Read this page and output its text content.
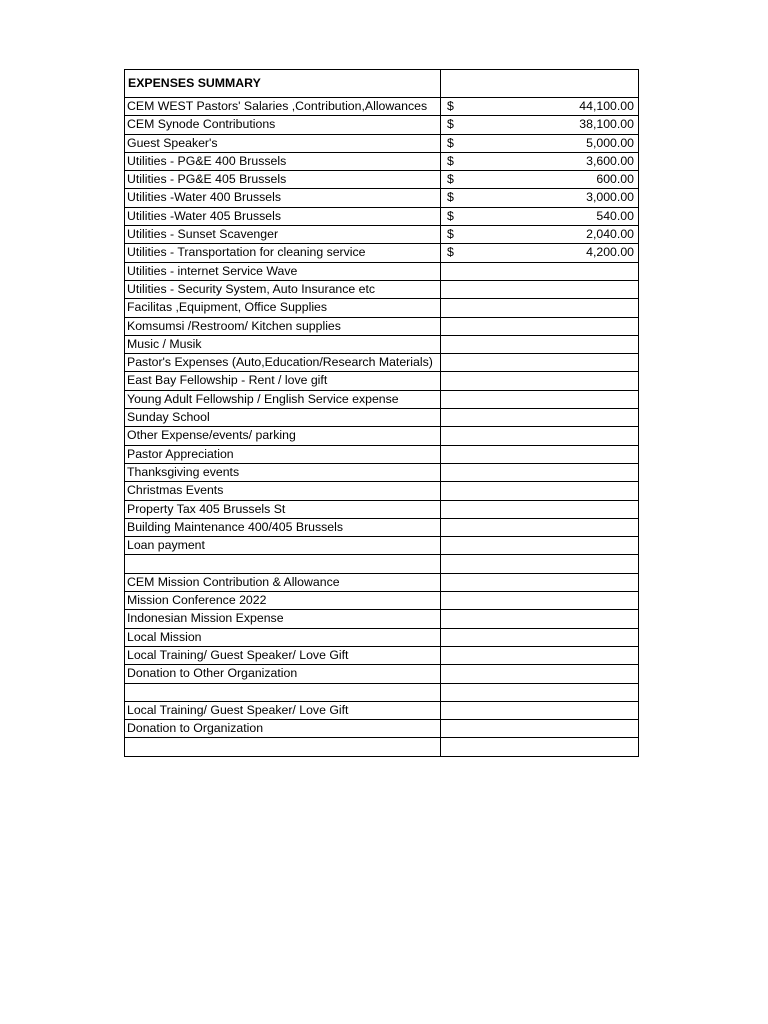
EXPENSES SUMMARY	
CEM WEST Pastors' Salaries ,Contribution,Allowances	$ 44,100.00

CEM Synode Contributions	$ 38,100.00

Guest Speaker's	$ 5,000.00

Utilities - PG&E 400 Brussels	$ 3,600.00

Utilities - PG&E 405 Brussels	$ 600.00

Utilities -Water 400 Brussels	$ 3,000.00

Utilities -Water 405 Brussels	$ 540.00

Utilities - Sunset Scavenger	$ 2,040.00

Utilities - Transportation for cleaning service	$ 4,200.00

Utilities - internet Service Wave	

Utilities - Security System, Auto Insurance etc	

Facilitas ,Equipment, Office Supplies	

Komsumsi /Restroom/ Kitchen supplies	

Music / Musik	

Pastor's Expenses (Auto,Education/Research Materials)	

East Bay Fellowship - Rent / love gift	

Young Adult Fellowship / English Service expense	

Sunday School	

Other Expense/events/ parking	

Pastor Appreciation	

Thanksgiving events	

Christmas Events	

Property Tax 405 Brussels St	

Building Maintenance 400/405 Brussels	

Loan payment	

CEM Mission Contribution & Allowance	

Mission Conference 2022	

Indonesian Mission Expense	

Local Mission	

Local Training/ Guest Speaker/ Love Gift	

Donation to Other Organization	

Local Training/ Guest Speaker/ Love Gift	

Donation to Organization	
